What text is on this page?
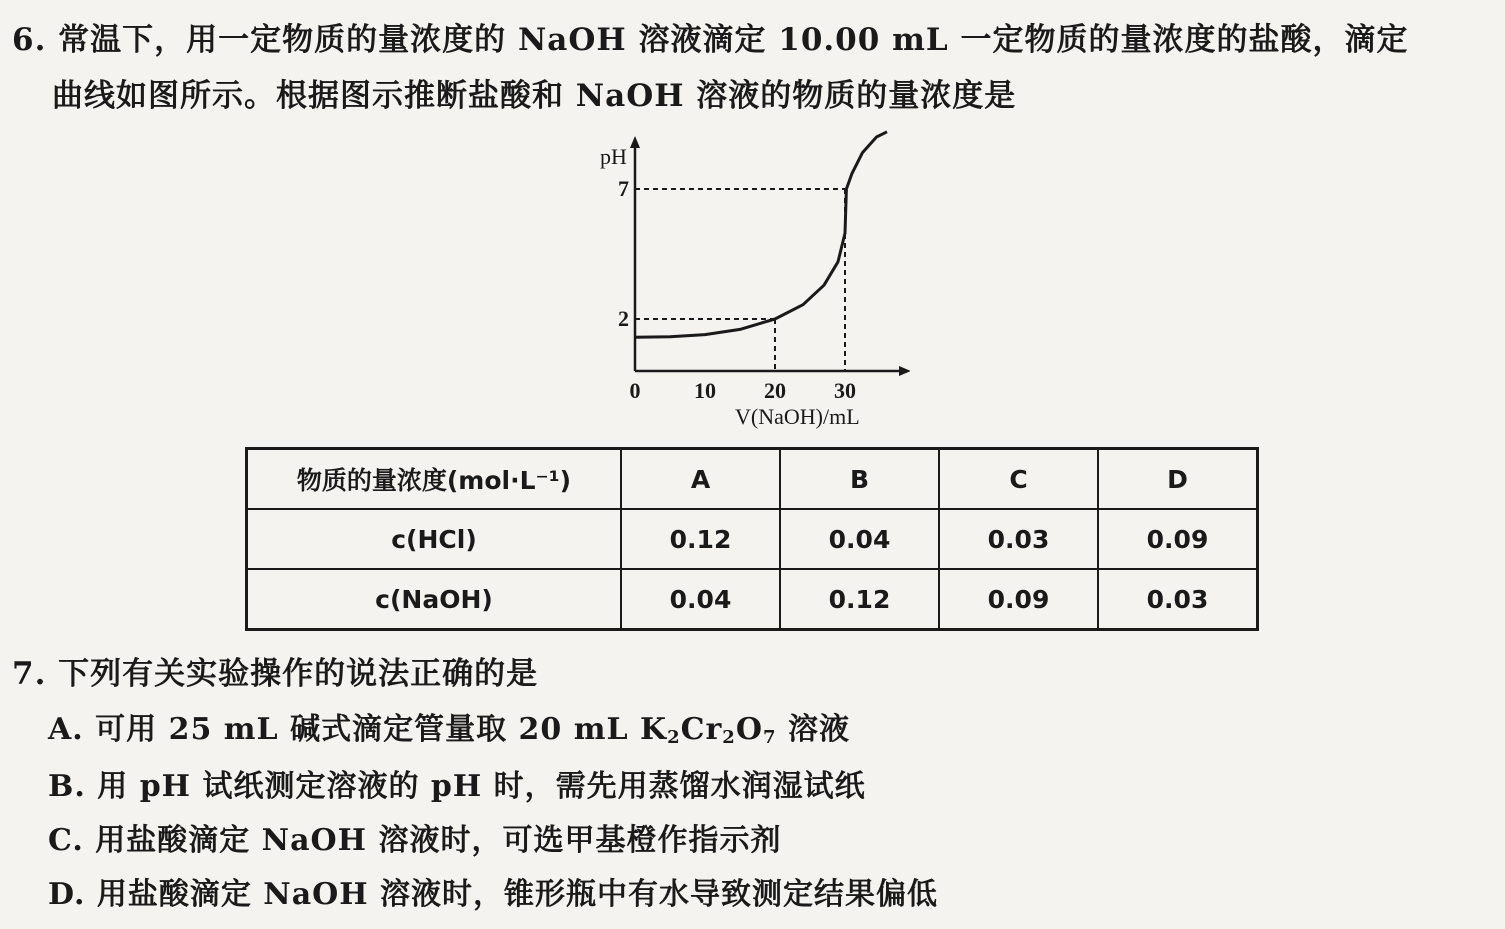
6. 常温下，用一定物质的量浓度的 NaOH 溶液滴定 10.00 mL 一定物质的量浓度的盐酸，滴定
曲线如图所示。根据图示推断盐酸和 NaOH 溶液的物质的量浓度是
0 10 20 30
2
7
pH
V(NaOH)/mL
物质的量浓度(mol·L⁻¹)	A	B	C	D
c(HCl)	0.12	0.04	0.03	0.09
c(NaOH)	0.04	0.12	0.09	0.03
7. 下列有关实验操作的说法正确的是
A. 可用 25 mL 碱式滴定管量取 20 mL $K_2Cr_2O_7$ 溶液
B. 用 pH 试纸测定溶液的 pH 时，需先用蒸馏水润湿试纸
C. 用盐酸滴定 NaOH 溶液时，可选甲基橙作指示剂
D. 用盐酸滴定 NaOH 溶液时，锥形瓶中有水导致测定结果偏低
